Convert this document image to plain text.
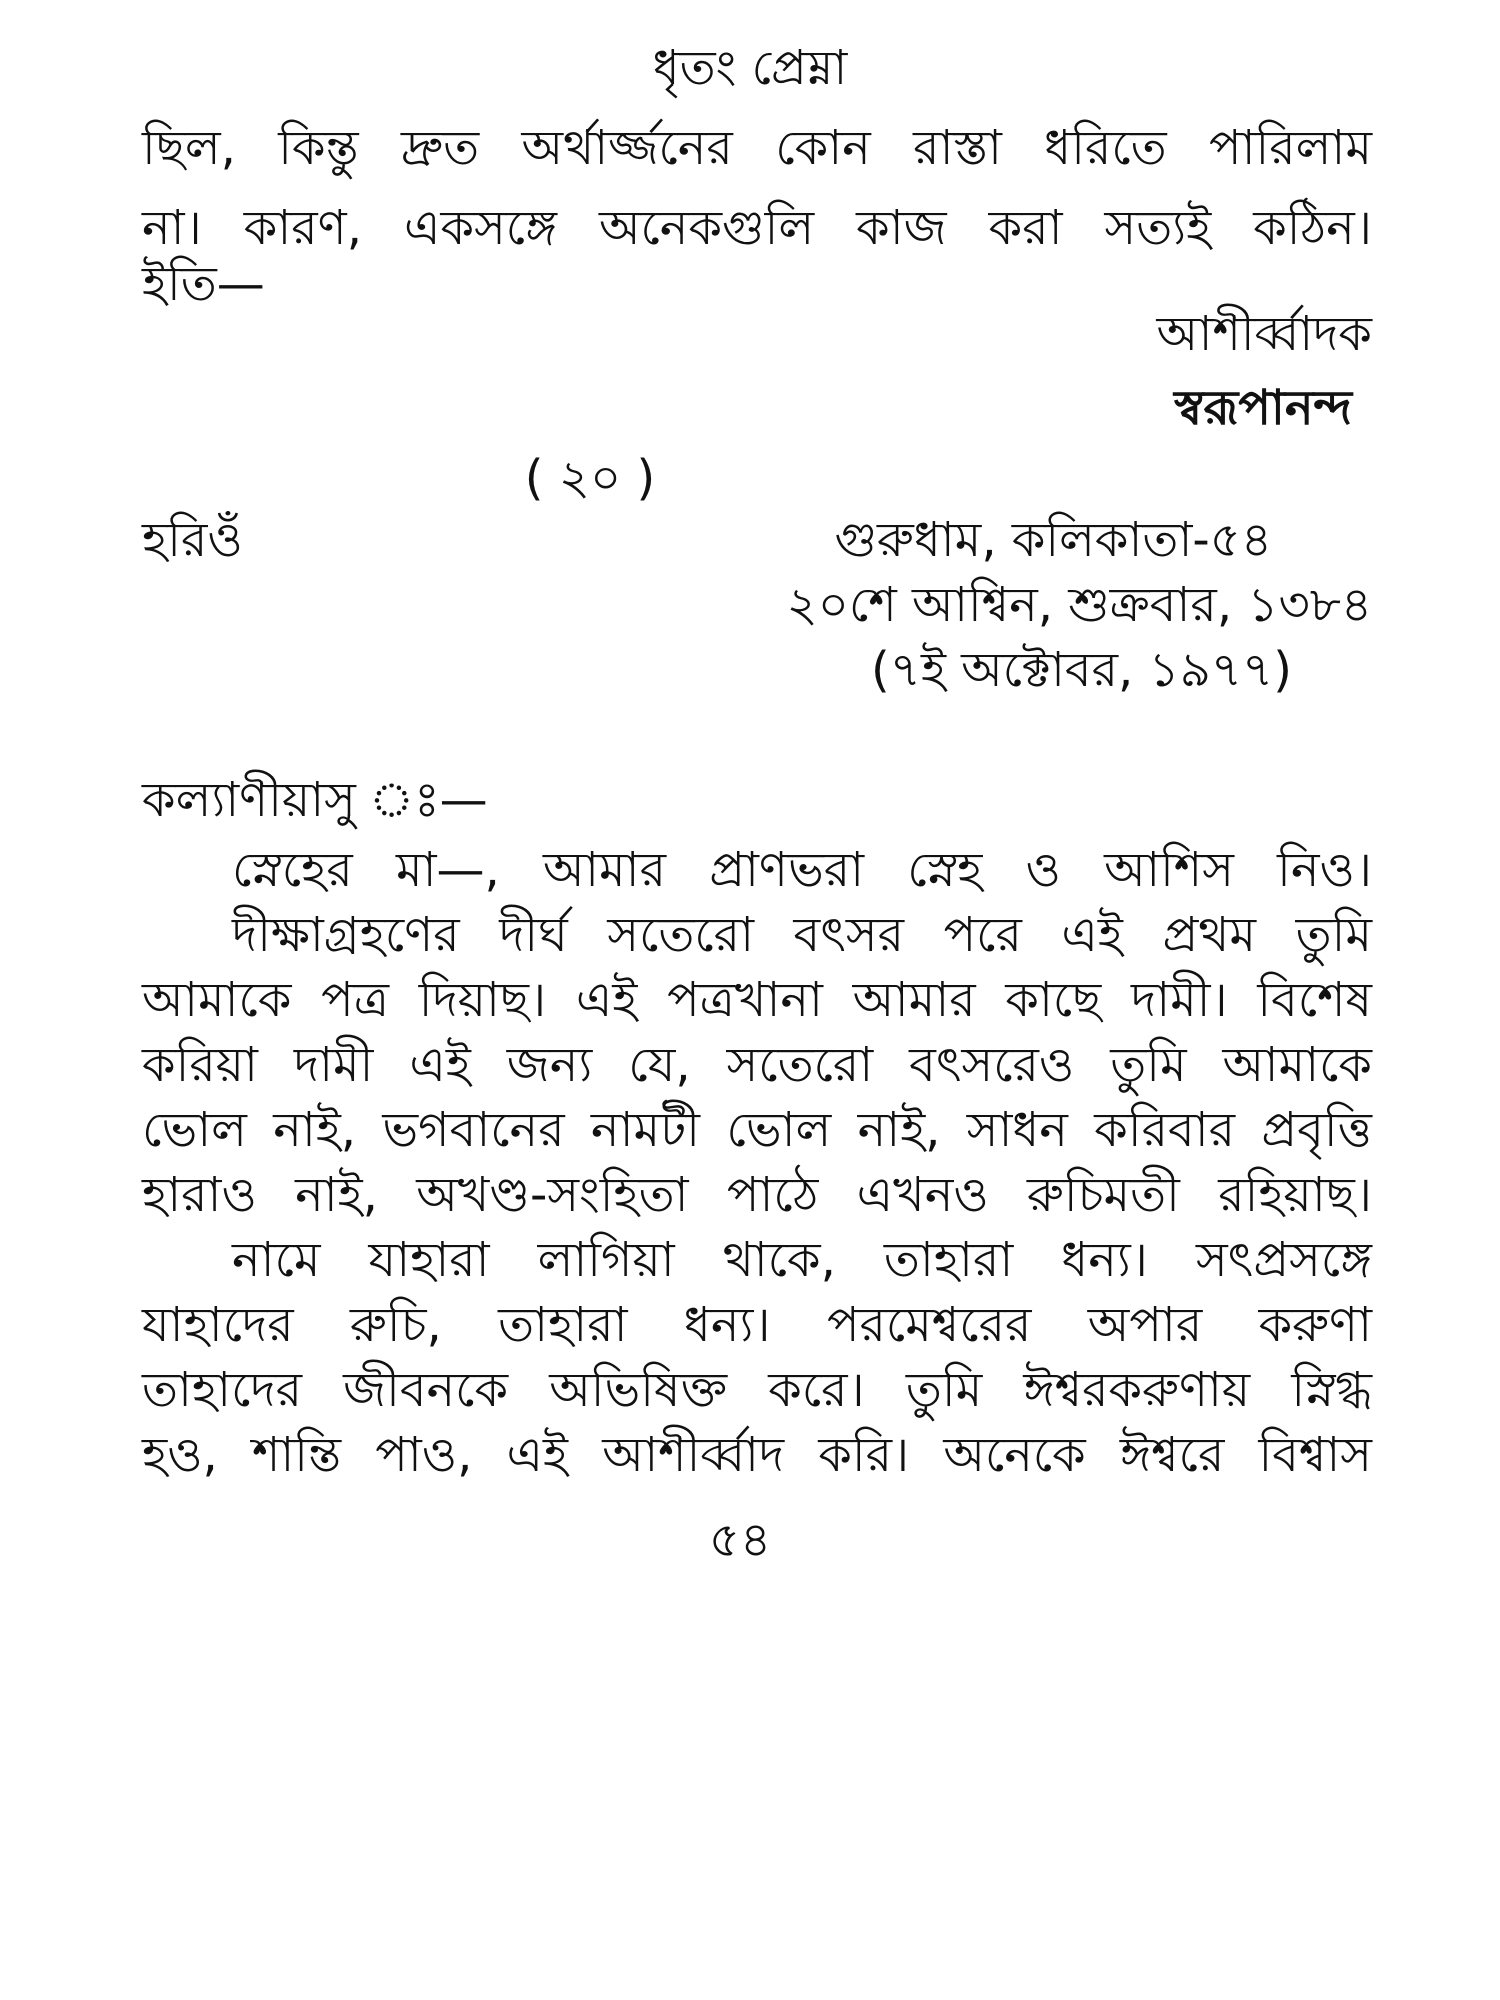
ধৃতং প্রেম্না
ছিল, কিন্তু দ্রুত অর্থার্জ্জনের কোন রাস্তা ধরিতে পারিলাম
না। কারণ, একসঙ্গে অনেকগুলি কাজ করা সত্যই কঠিন।
ইতি—
আশীর্ব্বাদক
স্বরূপানন্দ
( ২০ )
হরিওঁ	গুরুধাম, কলিকাতা-৫৪
২০শে আশ্বিন, শুক্রবার, ১৩৮৪
(৭ই অক্টোবর, ১৯৭৭)
কল্যাণীয়াসু ঃ—
স্নেহের মা—, আমার প্রাণভরা স্নেহ ও আশিস নিও।
দীক্ষাগ্রহণের দীর্ঘ সতেরো বৎসর পরে এই প্রথম তুমি
আমাকে পত্র দিয়াছ। এই পত্রখানা আমার কাছে দামী। বিশেষ
করিয়া দামী এই জন্য যে, সতেরো বৎসরেও তুমি আমাকে
ভোল নাই, ভগবানের নামটী ভোল নাই, সাধন করিবার প্রবৃত্তি
হারাও নাই, অখণ্ড-সংহিতা পাঠে এখনও রুচিমতী রহিয়াছ।
নামে যাহারা লাগিয়া থাকে, তাহারা ধন্য। সৎপ্রসঙ্গে
যাহাদের রুচি, তাহারা ধন্য। পরমেশ্বরের অপার করুণা
তাহাদের জীবনকে অভিষিক্ত করে। তুমি ঈশ্বরকরুণায় স্নিগ্ধ
হও, শান্তি পাও, এই আশীর্ব্বাদ করি। অনেকে ঈশ্বরে বিশ্বাস
৫৪
